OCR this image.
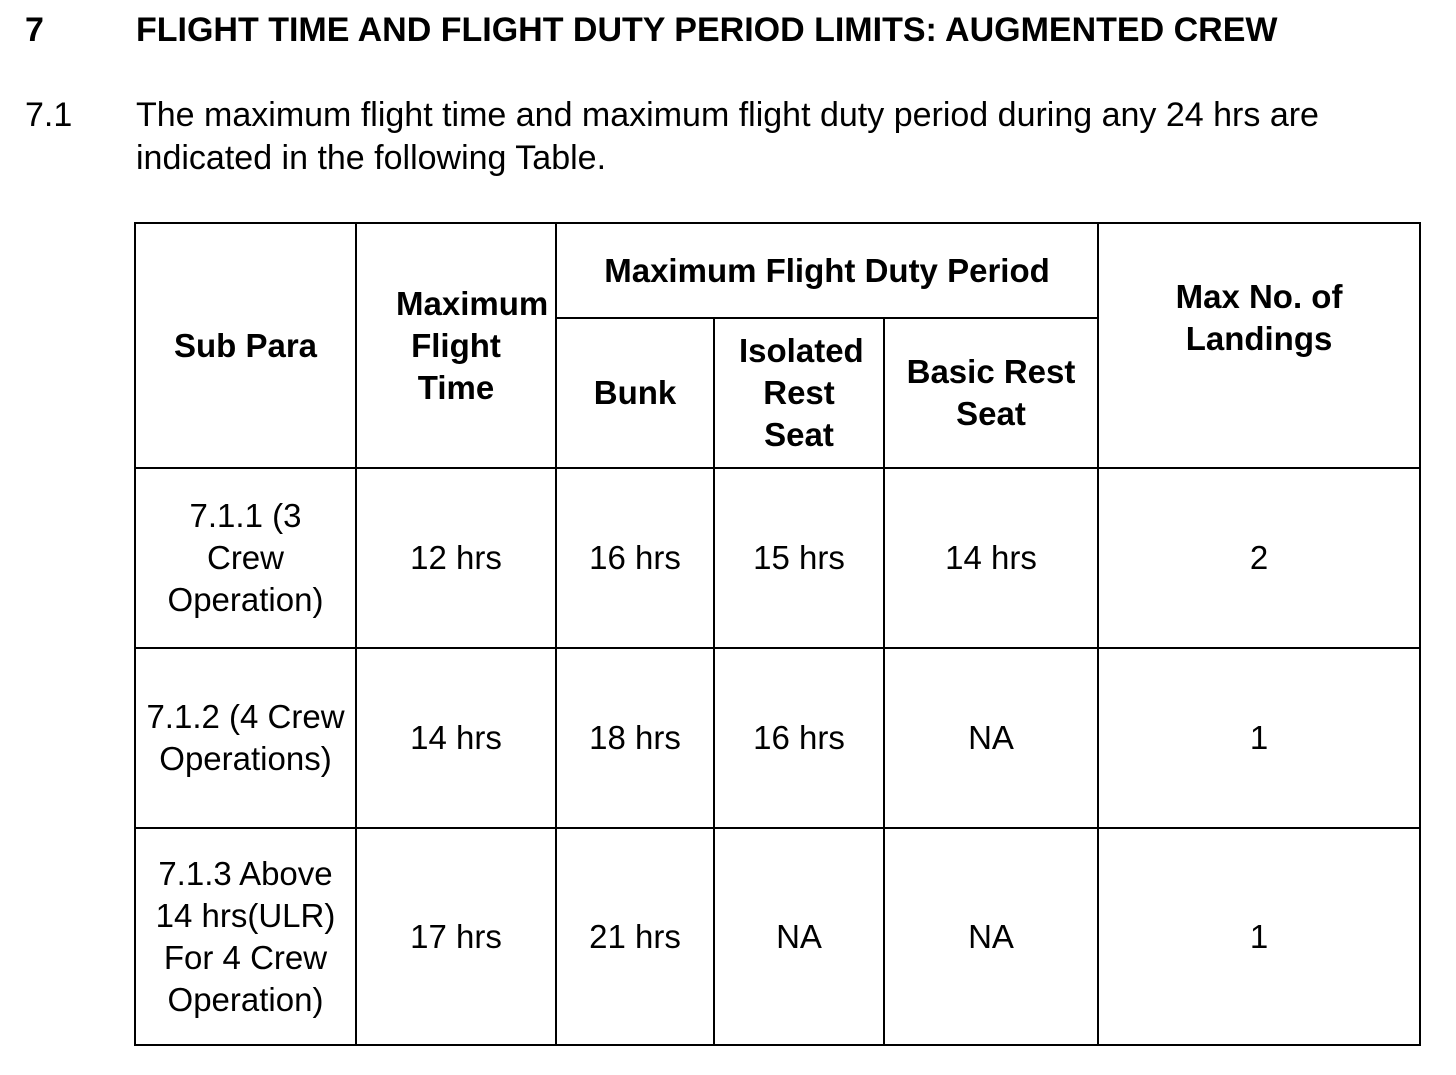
7	FLIGHT TIME AND FLIGHT DUTY PERIOD LIMITS: AUGMENTED CREW
7.1 The maximum flight time and maximum flight duty period during any 24 hrs are indicated in the following Table.
Sub Para	Maximum Flight Time	Maximum Flight Duty Period			Max No. of Landings

		Bunk	Isolated Rest Seat	Basic Rest Seat	

7.1.1 (3 Crew Operation)	12 hrs	16 hrs	15 hrs	14 hrs	2

7.1.2 (4 Crew Operations)	14 hrs	18 hrs	16 hrs	NA	1

7.1.3 Above 14 hrs(ULR) For 4 Crew Operation)	17 hrs	21 hrs	NA	NA	1
